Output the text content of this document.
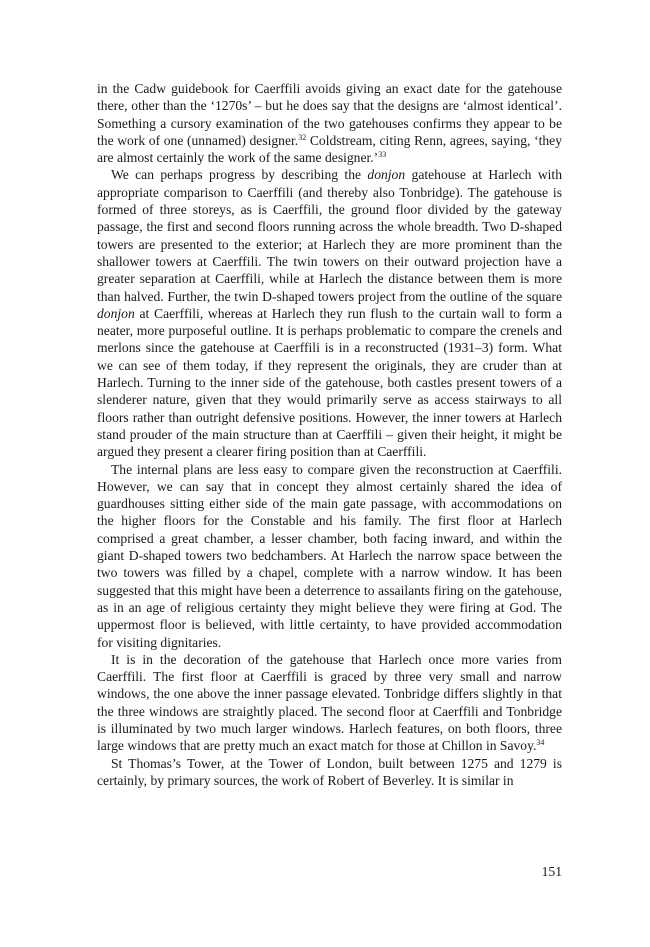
in the Cadw guidebook for Caerffili avoids giving an exact date for the gatehouse there, other than the ‘1270s’ – but he does say that the designs are ‘almost identical’. Something a cursory examination of the two gatehouses confirms they appear to be the work of one (unnamed) designer.$^{32}$ Coldstream, citing Renn, agrees, saying, ‘they are almost certainly the work of the same designer.’$^{33}$

We can perhaps progress by describing the donjon gatehouse at Harlech with appropriate comparison to Caerffili (and thereby also Tonbridge). The gatehouse is formed of three storeys, as is Caerffili, the ground floor divided by the gateway passage, the first and second floors running across the whole breadth. Two D-shaped towers are presented to the exterior; at Harlech they are more prominent than the shallower towers at Caerffili. The twin towers on their outward projection have a greater separation at Caerffili, while at Harlech the distance between them is more than halved. Further, the twin D-shaped towers project from the outline of the square donjon at Caerffili, whereas at Harlech they run flush to the curtain wall to form a neater, more purposeful outline. It is perhaps problematic to compare the crenels and merlons since the gatehouse at Caerffili is in a reconstructed (1931–3) form. What we can see of them today, if they represent the originals, they are cruder than at Harlech. Turning to the inner side of the gatehouse, both castles present towers of a slenderer nature, given that they would primarily serve as access stairways to all floors rather than outright defensive positions. However, the inner towers at Harlech stand prouder of the main structure than at Caerffili – given their height, it might be argued they present a clearer firing position than at Caerffili.

The internal plans are less easy to compare given the reconstruction at Caerffili. However, we can say that in concept they almost certainly shared the idea of guardhouses sitting either side of the main gate passage, with accommodations on the higher floors for the Constable and his family. The first floor at Harlech comprised a great chamber, a lesser chamber, both facing inward, and within the giant D-shaped towers two bedchambers. At Harlech the narrow space between the two towers was filled by a chapel, complete with a narrow window. It has been suggested that this might have been a deterrence to assailants firing on the gatehouse, as in an age of religious certainty they might believe they were firing at God. The uppermost floor is believed, with little certainty, to have provided accommodation for visiting dignitaries.

It is in the decoration of the gatehouse that Harlech once more varies from Caerffili. The first floor at Caerffili is graced by three very small and narrow windows, the one above the inner passage elevated. Tonbridge differs slightly in that the three windows are straightly placed. The second floor at Caerffili and Tonbridge is illuminated by two much larger windows. Harlech features, on both floors, three large windows that are pretty much an exact match for those at Chillon in Savoy.$^{34}$

St Thomas’s Tower, at the Tower of London, built between 1275 and 1279 is certainly, by primary sources, the work of Robert of Beverley. It is similar in

151
